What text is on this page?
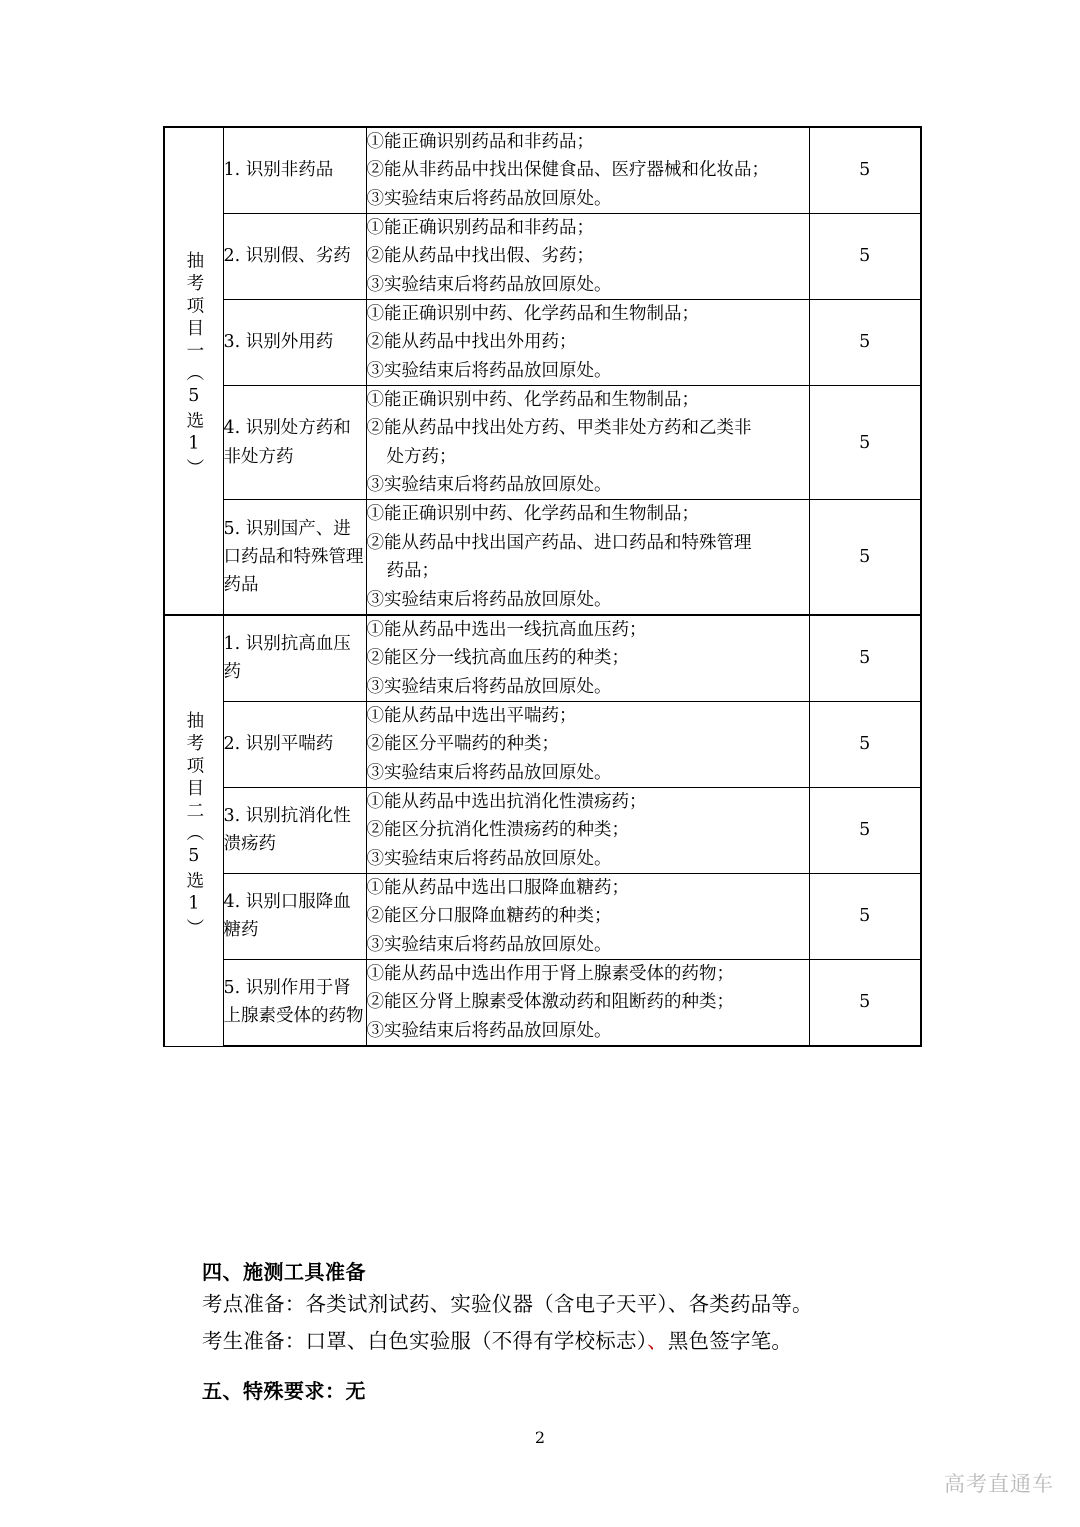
抽考项目一（5选1）	1. 识别非药品	①能正确识别药品和非药品；
②能从非药品中找出保健食品、医疗器械和化妆品；
③实验结束后将药品放回原处。	5
	2. 识别假、劣药	①能正确识别药品和非药品；
②能从药品中找出假、劣药；
③实验结束后将药品放回原处。	5
	3. 识别外用药	①能正确识别中药、化学药品和生物制品；
②能从药品中找出外用药；
③实验结束后将药品放回原处。	5
	4. 识别处方药和非处方药	①能正确识别中药、化学药品和生物制品；
②能从药品中找出处方药、甲类非处方药和乙类非
处方药；
③实验结束后将药品放回原处。	5
	5. 识别国产、进口药品和特殊管理药品	①能正确识别中药、化学药品和生物制品；
②能从药品中找出国产药品、进口药品和特殊管理
药品；
③实验结束后将药品放回原处。	5
抽考项目二（5选1）	1. 识别抗高血压药	①能从药品中选出一线抗高血压药；
②能区分一线抗高血压药的种类；
③实验结束后将药品放回原处。	5
	2. 识别平喘药	①能从药品中选出平喘药；
②能区分平喘药的种类；
③实验结束后将药品放回原处。	5
	3. 识别抗消化性溃疡药	①能从药品中选出抗消化性溃疡药；
②能区分抗消化性溃疡药的种类；
③实验结束后将药品放回原处。	5
	4. 识别口服降血糖药	①能从药品中选出口服降血糖药；
②能区分口服降血糖药的种类；
③实验结束后将药品放回原处。	5
	5. 识别作用于肾上腺素受体的药物	①能从药品中选出作用于肾上腺素受体的药物；
②能区分肾上腺素受体激动药和阻断药的种类；
③实验结束后将药品放回原处。	5
四、施测工具准备
考点准备：各类试剂试药、实验仪器（含电子天平）、各类药品等。
考生准备：口罩、白色实验服（不得有学校标志）、黑色签字笔。
五、特殊要求：无
2
高考直通车
